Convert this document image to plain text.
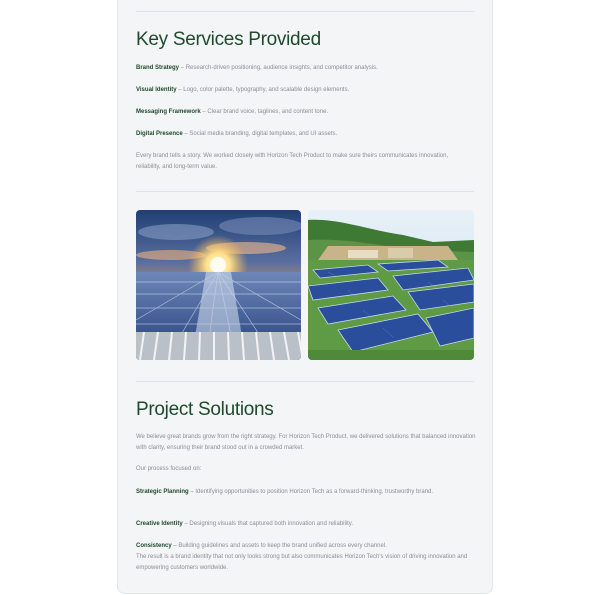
Key Services Provided
Brand Strategy – Research-driven positioning, audience insights, and competitor analysis.
Visual Identity – Logo, color palette, typography, and scalable design elements.
Messaging Framework – Clear brand voice, taglines, and content tone.
Digital Presence – Social media branding, digital templates, and UI assets.
Every brand tells a story. We worked closely with Horizon Tech Product to make sure theirs communicates innovation, reliability, and long-term value.
Project Solutions
We believe great brands grow from the right strategy. For Horizon Tech Product, we delivered solutions that balanced innovation with clarity, ensuring their brand stood out in a crowded market.
Our process focused on:
Strategic Planning – Identifying opportunities to position Horizon Tech as a forward-thinking, trustworthy brand.
Creative Identity – Designing visuals that captured both innovation and reliability.
Consistency – Building guidelines and assets to keep the brand unified across every channel.
The result is a brand identity that not only looks strong but also communicates Horizon Tech's vision of driving innovation and empowering customers worldwide.
